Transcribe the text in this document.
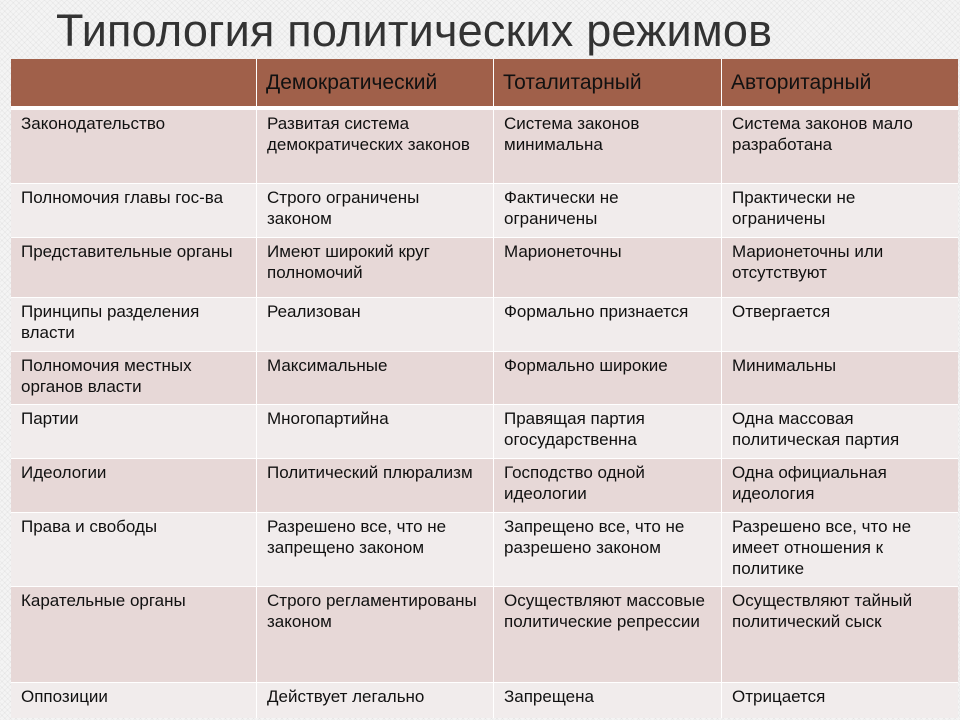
Типология политических режимов
	Демократический	Тоталитарный	Авторитарный
Законодательство	Развитая система демократических законов	Система законов минимальна	Система законов мало разработана
Полномочия главы гос-ва	Строго ограничены законом	Фактически не ограничены	Практически не ограничены
Представительные органы	Имеют широкий круг полномочий	Марионеточны	Марионеточны или отсутствуют
Принципы разделения власти	Реализован	Формально признается	Отвергается
Полномочия местных органов власти	Максимальные	Формально широкие	Минимальны
Партии	Многопартийна	Правящая партия огосударственна	Одна массовая политическая партия
Идеологии	Политический плюрализм	Господство одной идеологии	Одна официальная идеология
Права и свободы	Разрешено все, что не запрещено законом	Запрещено все, что не разрешено законом	Разрешено все, что не имеет отношения к политике
Карательные органы	Строго регламентированы законом	Осуществляют массовые политические репрессии	Осуществляют тайный политический сыск
Оппозиции	Действует легально	Запрещена	Отрицается
